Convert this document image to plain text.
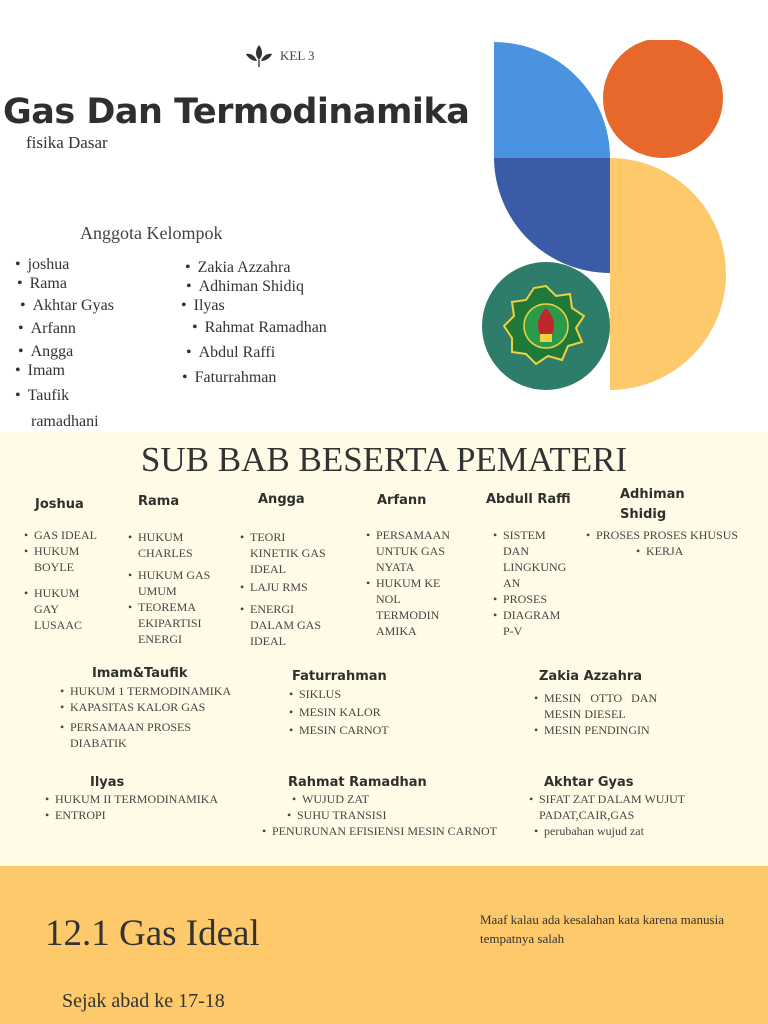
KEL 3
Gas Dan Termodinamika
fisika Dasar
Anggota Kelompok
• joshua
• Rama
• Akhtar Gyas
• Arfann
• Angga
• Imam
• Taufik
ramadhani
• Zakia Azzahra
• Adhiman Shidiq
• Ilyas
• Rahmat Ramadhan
• Abdul Raffi
• Faturrahman
SUB BAB BESERTA PEMATERI
Joshua
• GAS IDEAL
• HUKUM
BOYLE
• HUKUM
GAY
LUSAAC
Rama
• HUKUM
CHARLES
• HUKUM GAS
UMUM
• TEOREMA
EKIPARTISI
ENERGI
Angga
• TEORI
KINETIK GAS
IDEAL
• LAJU RMS
• ENERGI
DALAM GAS
IDEAL
Arfann
• PERSAMAAN
UNTUK GAS
NYATA
• HUKUM KE
NOL
TERMODIN
AMIKA
Abdull Raffi
• SISTEM
DAN
LINGKUNG
AN
• PROSES
• DIAGRAM
P-V
Adhiman
Shidig
• PROSES PROSES KHUSUS
• KERJA
Imam&Taufik
• HUKUM 1 TERMODINAMIKA
• KAPASITAS KALOR GAS
• PERSAMAAN PROSES
DIABATIK
Faturrahman
• SIKLUS
• MESIN KALOR
• MESIN CARNOT
Zakia Azzahra
• MESIN   OTTO   DAN
MESIN DIESEL
• MESIN PENDINGIN
Ilyas
• HUKUM II TERMODINAMIKA
• ENTROPI
Rahmat Ramadhan
• WUJUD ZAT
• SUHU TRANSISI
• PENURUNAN EFISIENSI MESIN CARNOT
Akhtar Gyas
• SIFAT ZAT DALAM WUJUT
PADAT,CAIR,GAS
• perubahan wujud zat
12.1 Gas Ideal
Sejak abad ke 17-18
Maaf kalau ada kesalahan kata karena manusia tempatnya salah
